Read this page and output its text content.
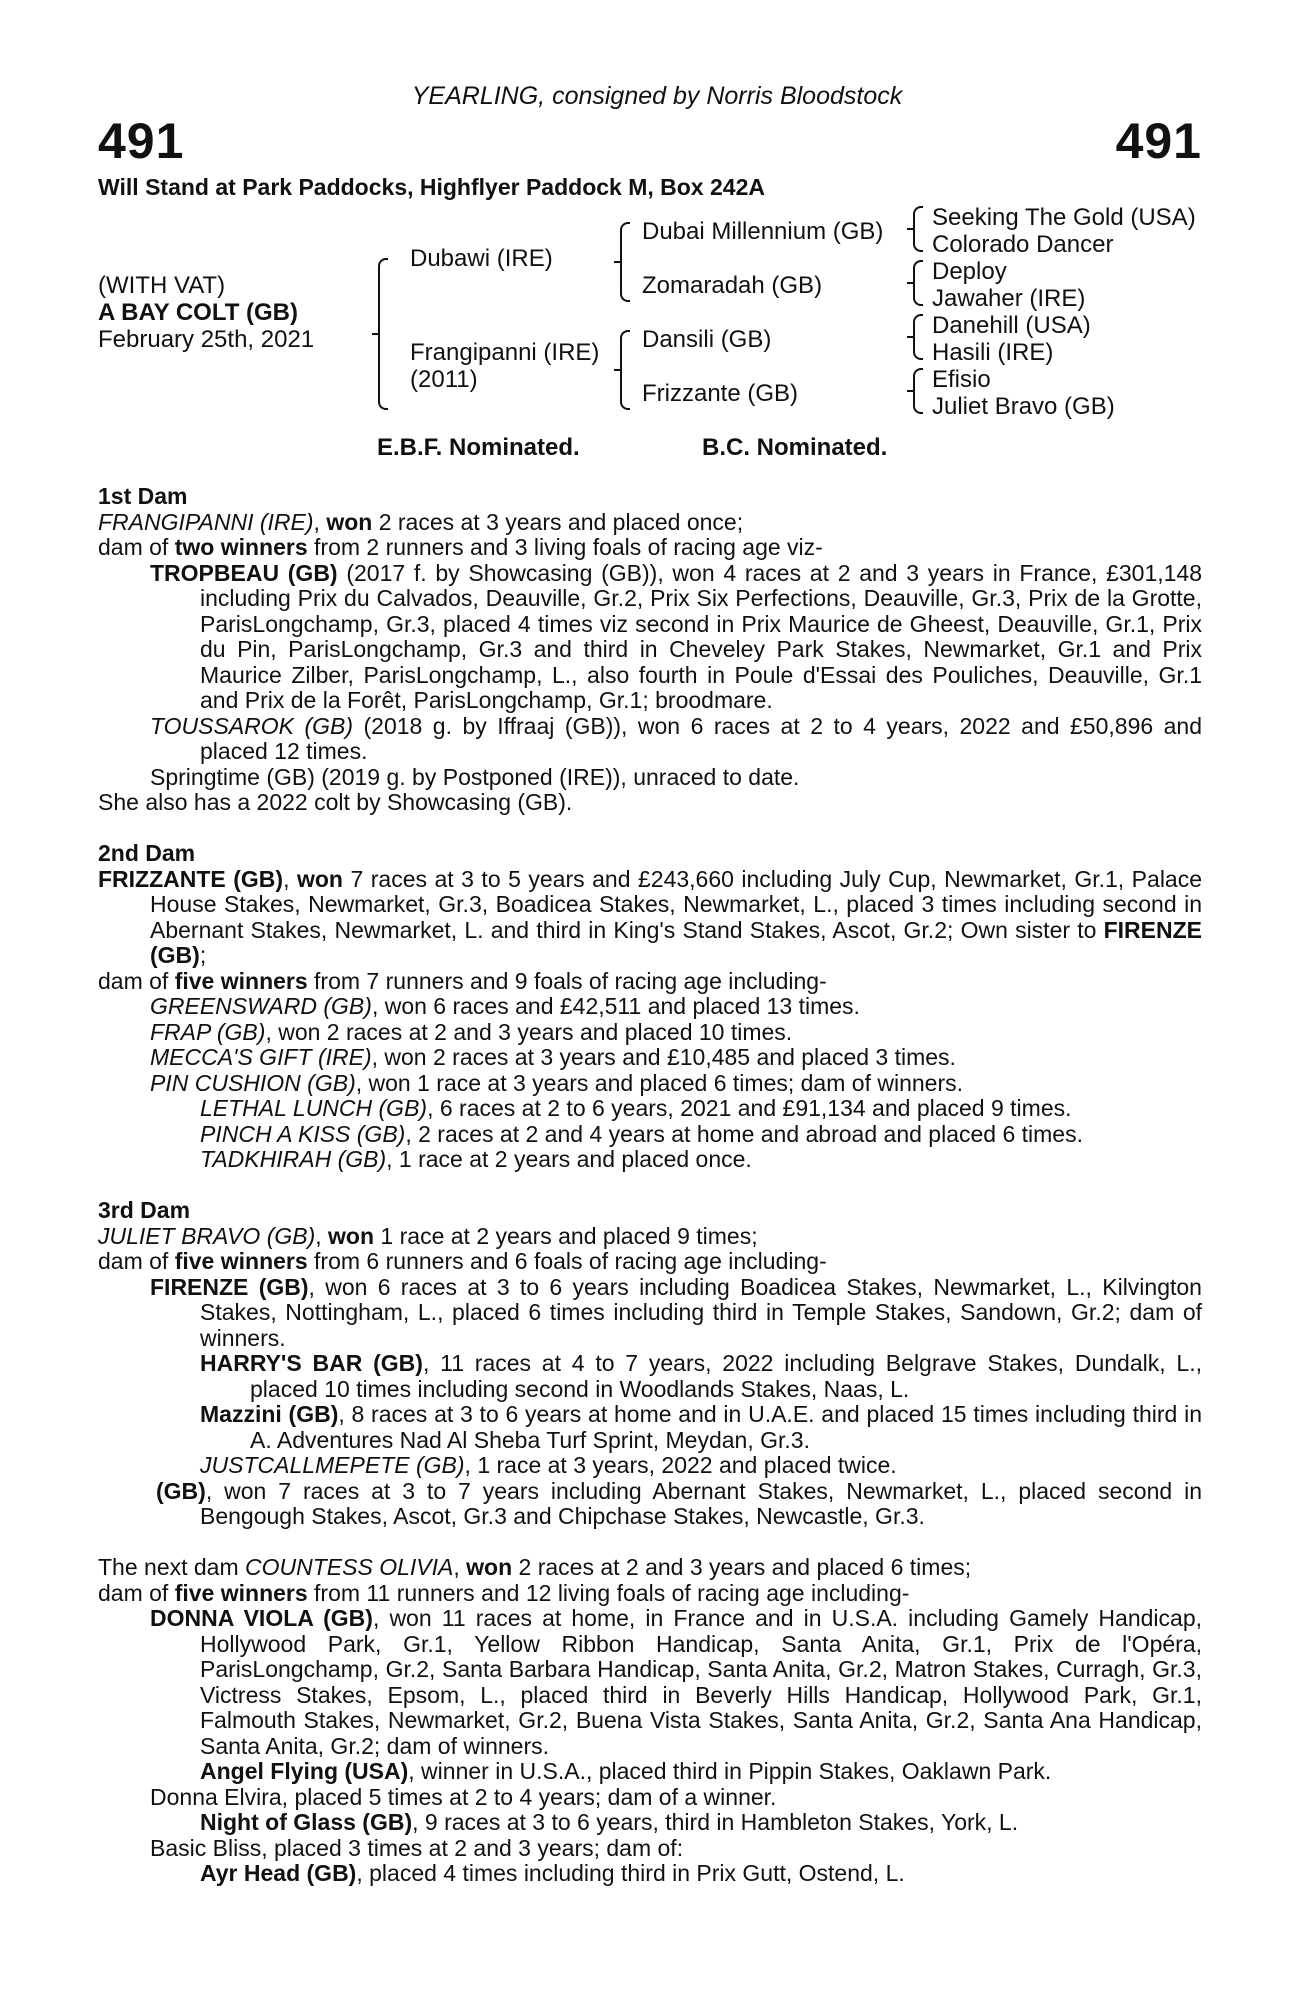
YEARLING, consigned by Norris Bloodstock
491	491
Will Stand at Park Paddocks, Highflyer Paddock M, Box 242A
(WITH VAT)
A BAY COLT (GB)
February 25th, 2021
Dubawi (IRE)
Frangipanni (IRE)
(2011)
Dubai Millennium (GB)
Zomaradah (GB)
Dansili (GB)
Frizzante (GB)
Seeking The Gold (USA)
Colorado Dancer
Deploy
Jawaher (IRE)
Danehill (USA)
Hasili (IRE)
Efisio
Juliet Bravo (GB)
E.B.F. Nominated.	B.C. Nominated.

1st Dam

FRANGIPANNI (IRE), won 2 races at 3 years and placed once;

dam of two winners from 2 runners and 3 living foals of racing age viz-

TROPBEAU (GB) (2017 f. by Showcasing (GB)), won 4 races at 2 and 3 years in France, £301,148 including Prix du Calvados, Deauville, Gr.2, Prix Six Perfections, Deauville, Gr.3, Prix de la Grotte, ParisLongchamp, Gr.3, placed 4 times viz second in Prix Maurice de Gheest, Deauville, Gr.1, Prix du Pin, ParisLongchamp, Gr.3 and third in Cheveley Park Stakes, Newmarket, Gr.1 and Prix Maurice Zilber, ParisLongchamp, L., also fourth in Poule d'Essai des Pouliches, Deauville, Gr.1 and Prix de la Forêt, ParisLongchamp, Gr.1; broodmare.

TOUSSAROK (GB) (2018 g. by Iffraaj (GB)), won 6 races at 2 to 4 years, 2022 and £50,896 and placed 12 times.

Springtime (GB) (2019 g. by Postponed (IRE)), unraced to date.

She also has a 2022 colt by Showcasing (GB).

2nd Dam

FRIZZANTE (GB), won 7 races at 3 to 5 years and £243,660 including July Cup, Newmarket, Gr.1, Palace House Stakes, Newmarket, Gr.3, Boadicea Stakes, Newmarket, L., placed 3 times including second in Abernant Stakes, Newmarket, L. and third in King's Stand Stakes, Ascot, Gr.2; Own sister to FIRENZE (GB);

dam of five winners from 7 runners and 9 foals of racing age including-

GREENSWARD (GB), won 6 races and £42,511 and placed 13 times.

FRAP (GB), won 2 races at 2 and 3 years and placed 10 times.

MECCA'S GIFT (IRE), won 2 races at 3 years and £10,485 and placed 3 times.

PIN CUSHION (GB), won 1 race at 3 years and placed 6 times; dam of winners.

LETHAL LUNCH (GB), 6 races at 2 to 6 years, 2021 and £91,134 and placed 9 times.

PINCH A KISS (GB), 2 races at 2 and 4 years at home and abroad and placed 6 times.

TADKHIRAH (GB), 1 race at 2 years and placed once.

3rd Dam

JULIET BRAVO (GB), won 1 race at 2 years and placed 9 times;

dam of five winners from 6 runners and 6 foals of racing age including-

FIRENZE (GB), won 6 races at 3 to 6 years including Boadicea Stakes, Newmarket, L., Kilvington Stakes, Nottingham, L., placed 6 times including third in Temple Stakes, Sandown, Gr.2; dam of winners.

HARRY'S BAR (GB), 11 races at 4 to 7 years, 2022 including Belgrave Stakes, Dundalk, L., placed 10 times including second in Woodlands Stakes, Naas, L.

Mazzini (GB), 8 races at 3 to 6 years at home and in U.A.E. and placed 15 times including third in A. Adventures Nad Al Sheba Turf Sprint, Meydan, Gr.3.

JUSTCALLMEPETE (GB), 1 race at 3 years, 2022 and placed twice.

(GB), won 7 races at 3 to 7 years including Abernant Stakes, Newmarket, L., placed second in Bengough Stakes, Ascot, Gr.3 and Chipchase Stakes, Newcastle, Gr.3.

The next dam COUNTESS OLIVIA, won 2 races at 2 and 3 years and placed 6 times;

dam of five winners from 11 runners and 12 living foals of racing age including-

DONNA VIOLA (GB), won 11 races at home, in France and in U.S.A. including Gamely Handicap, Hollywood Park, Gr.1, Yellow Ribbon Handicap, Santa Anita, Gr.1, Prix de l'Opéra, ParisLongchamp, Gr.2, Santa Barbara Handicap, Santa Anita, Gr.2, Matron Stakes, Curragh, Gr.3, Victress Stakes, Epsom, L., placed third in Beverly Hills Handicap, Hollywood Park, Gr.1, Falmouth Stakes, Newmarket, Gr.2, Buena Vista Stakes, Santa Anita, Gr.2, Santa Ana Handicap, Santa Anita, Gr.2; dam of winners.

Angel Flying (USA), winner in U.S.A., placed third in Pippin Stakes, Oaklawn Park.

Donna Elvira, placed 5 times at 2 to 4 years; dam of a winner.

Night of Glass (GB), 9 races at 3 to 6 years, third in Hambleton Stakes, York, L.

Basic Bliss, placed 3 times at 2 and 3 years; dam of:

Ayr Head (GB), placed 4 times including third in Prix Gutt, Ostend, L.
